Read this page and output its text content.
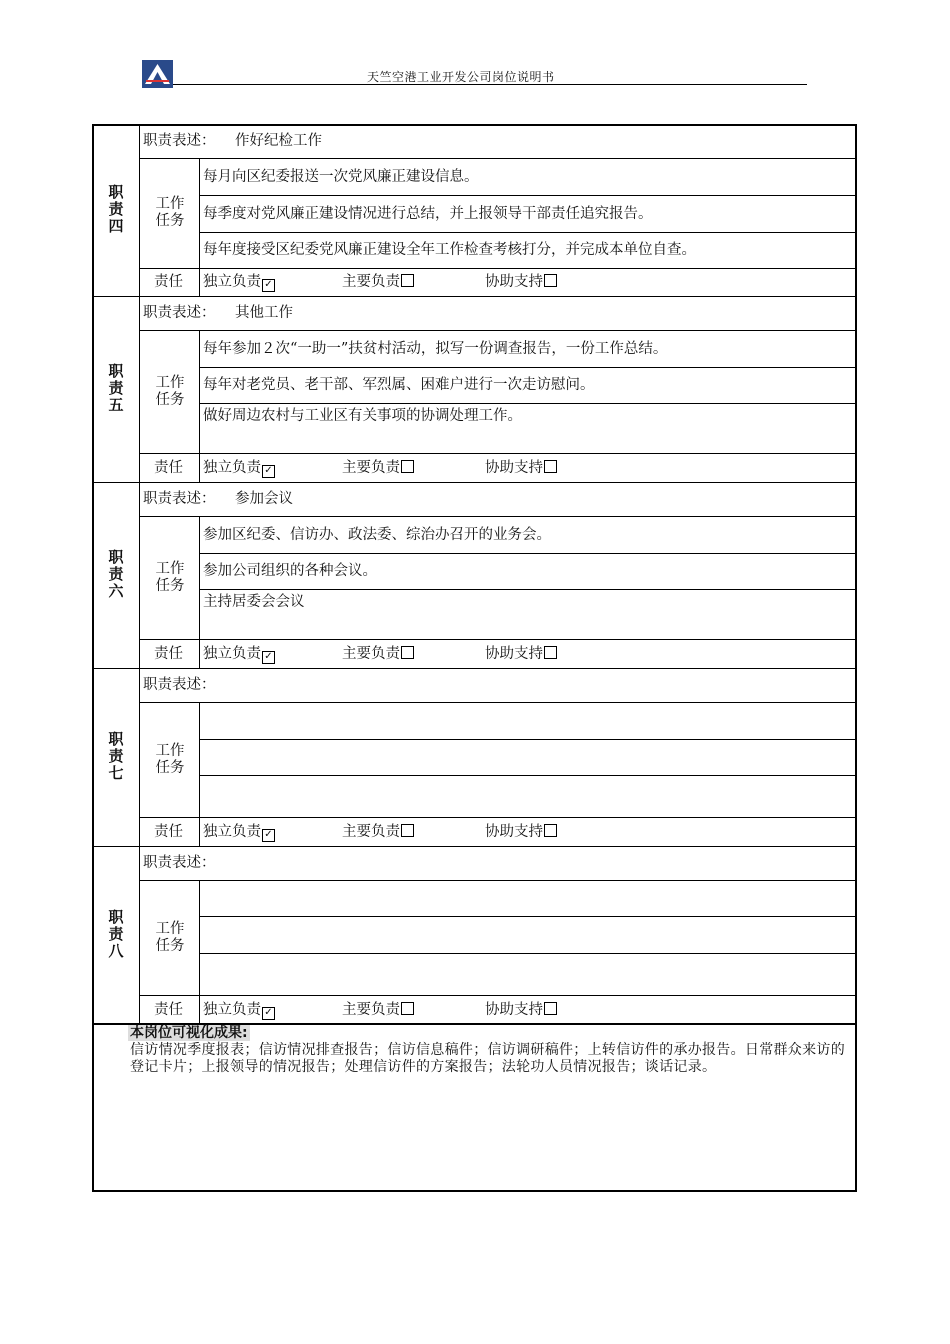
天竺空港工业开发公司岗位说明书
职
责
四
职责表述： 作好纪检工作
工作
任务
每月向区纪委报送一次党风廉正建设信息。
每季度对党风廉正建设情况进行总结，并上报领导干部责任追究报告。
每年度接受区纪委党风廉正建设全年工作检查考核打分，并完成本单位自查。
责任 独立负责 ✓	主要负责	协助支持
职
责
五
职责表述： 其他工作
工作
任务
每年参加２次“一助一”扶贫村活动，拟写一份调查报告，一份工作总结。
每年对老党员、老干部、军烈属、困难户进行一次走访慰问。
做好周边农村与工业区有关事项的协调处理工作。
责任 独立负责 ✓	主要负责	协助支持
职
责
六
职责表述： 参加会议
工作
任务
参加区纪委、信访办、政法委、综治办召开的业务会。
参加公司组织的各种会议。
主持居委会会议
责任 独立负责 ✓	主要负责	协助支持
职
责
七
职责表述：
工作
任务
责任 独立负责 ✓	主要负责	协助支持
职
责
八
职责表述：
工作
任务
责任 独立负责 ✓	主要负责	协助支持
本岗位可视化成果:
信访情况季度报表；信访情况排查报告；信访信息稿件；信访调研稿件；上转信访件的承办报告。日常群众来访的登记卡片；上报领导的情况报告；处理信访件的方案报告；法轮功人员情况报告；谈话记录。
